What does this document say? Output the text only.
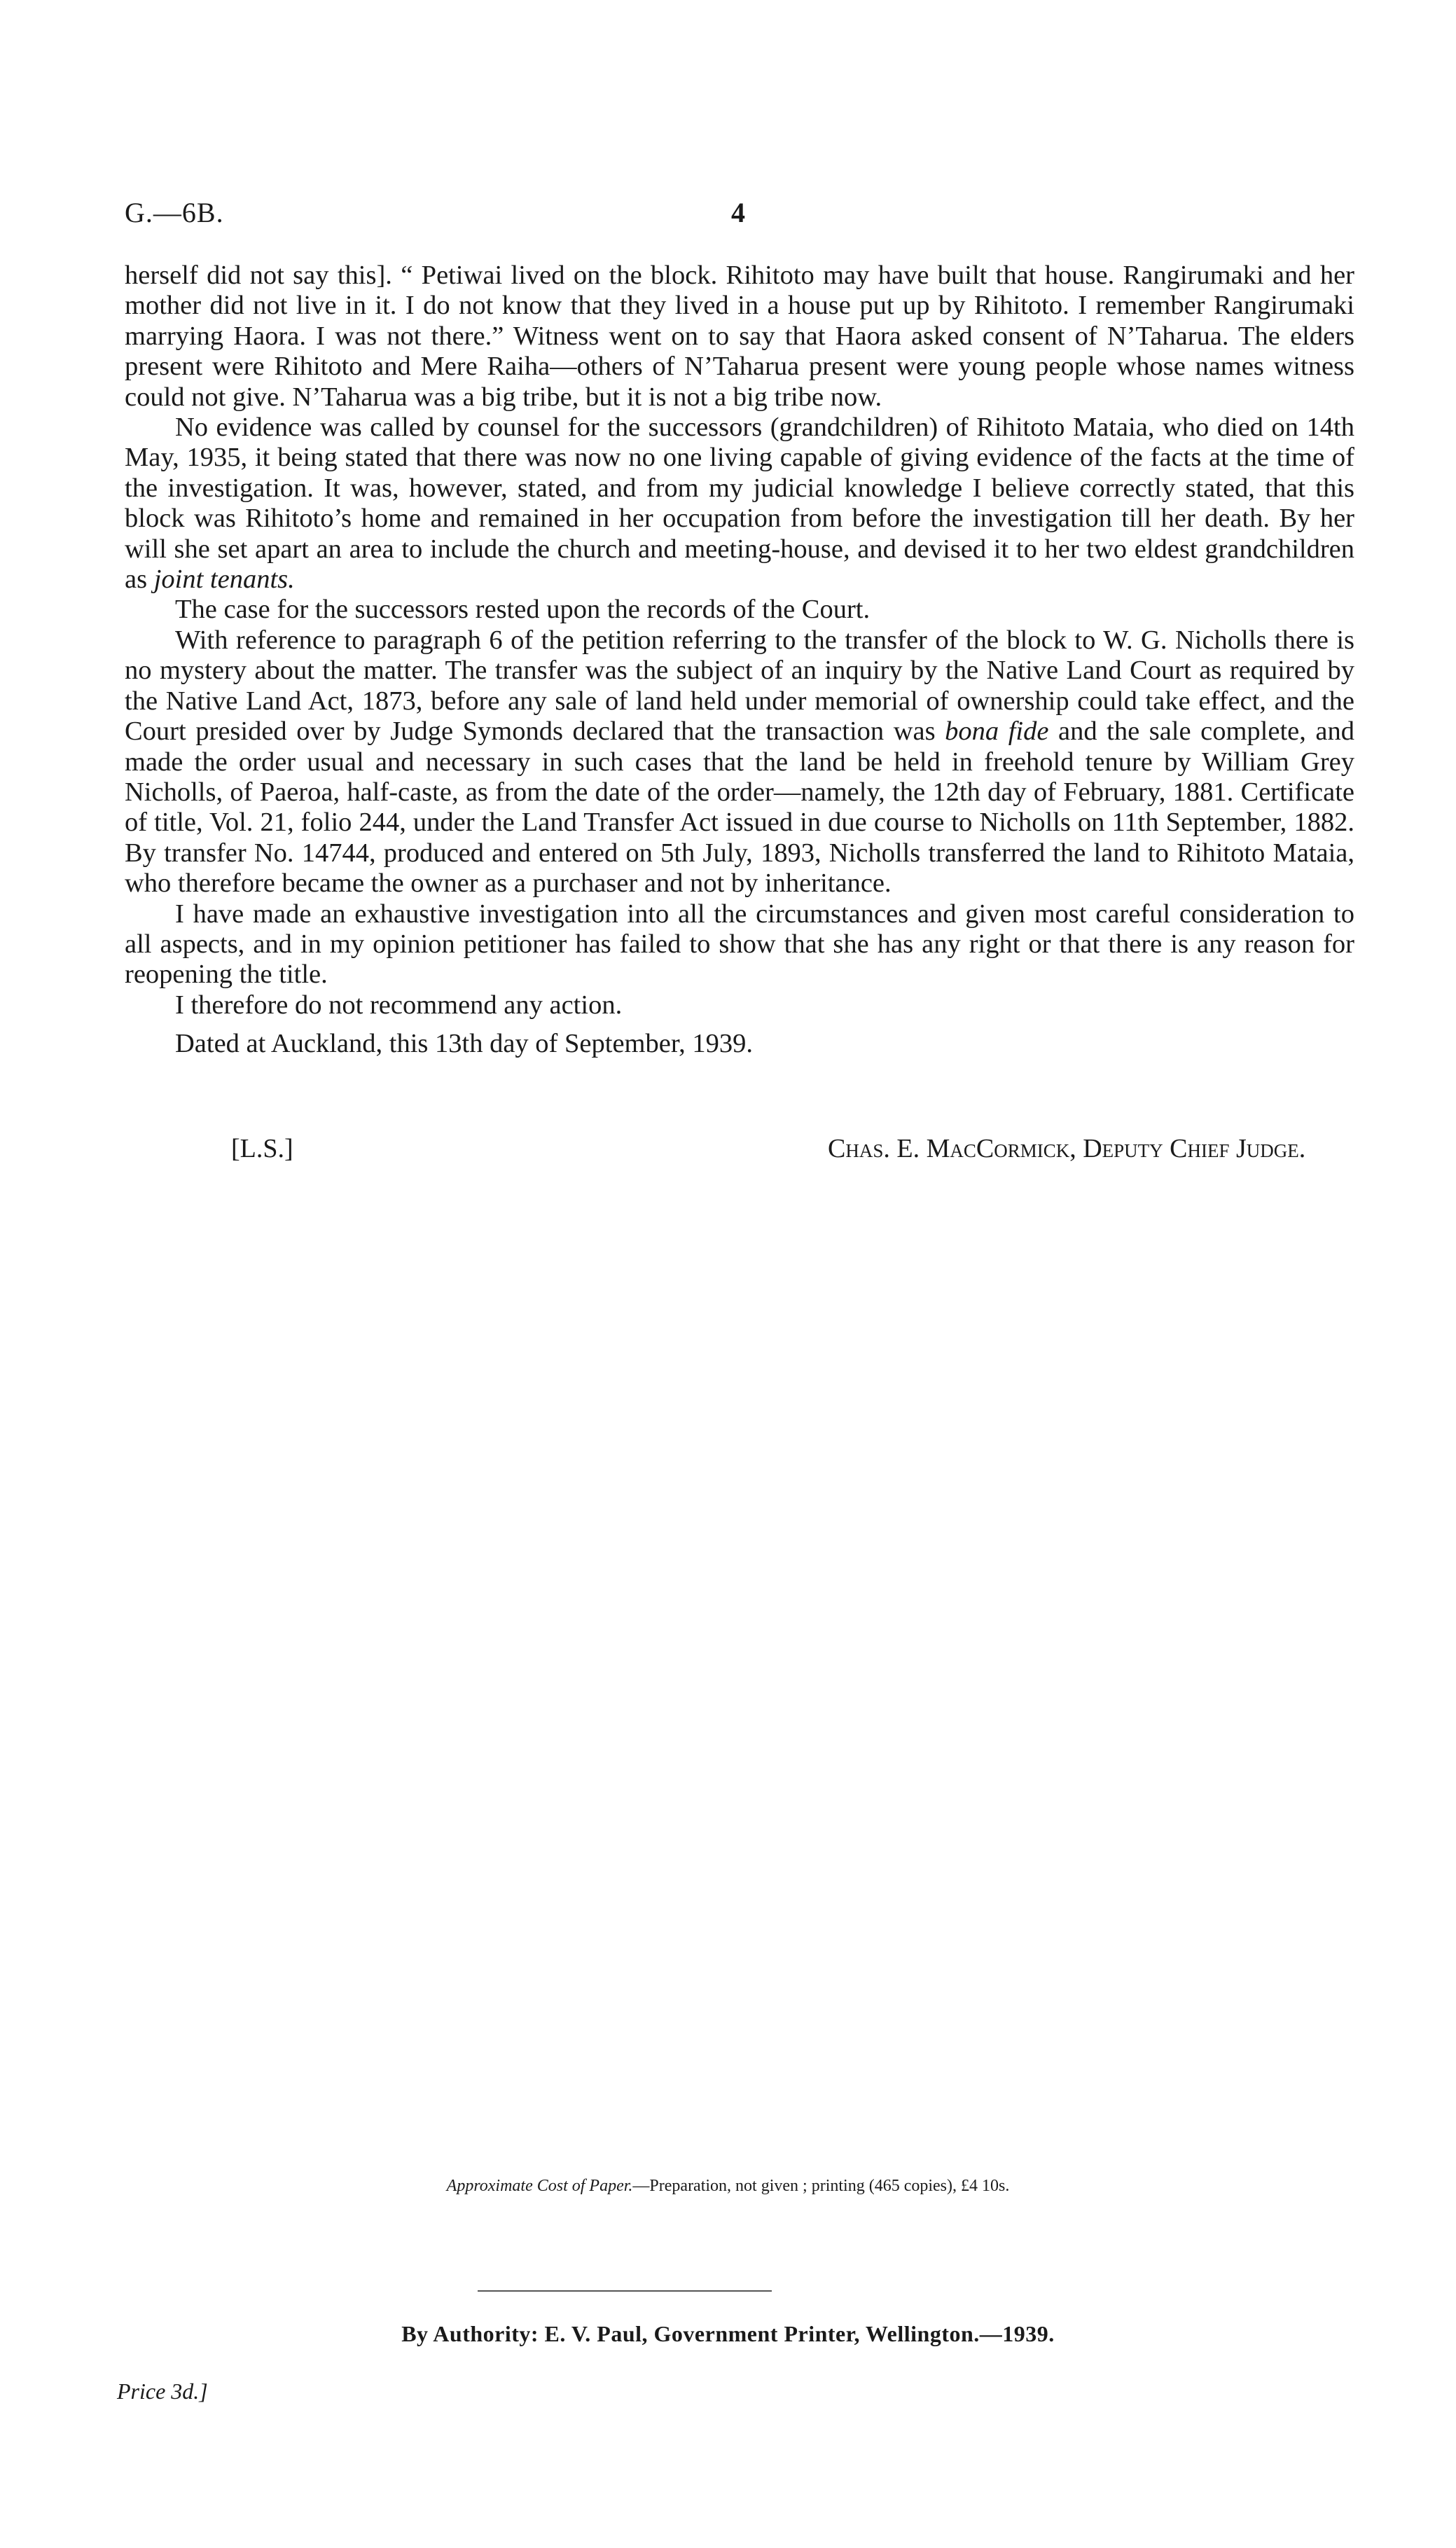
G.—6B.	4

herself did not say this]. “ Petiwai lived on the block. Rihitoto may have built that house. Rangirumaki and her mother did not live in it. I do not know that they lived in a house put up by Rihitoto. I remember Rangirumaki marrying Haora. I was not there.” Witness went on to say that Haora asked consent of N’Taharua. The elders present were Rihitoto and Mere Raiha—others of N’Taharua present were young people whose names witness could not give. N’Taharua was a big tribe, but it is not a big tribe now.

No evidence was called by counsel for the successors (grandchildren) of Rihitoto Mataia, who died on 14th May, 1935, it being stated that there was now no one living capable of giving evidence of the facts at the time of the investigation. It was, however, stated, and from my judicial knowledge I believe correctly stated, that this block was Rihitoto’s home and remained in her occupation from before the investigation till her death. By her will she set apart an area to include the church and meeting-house, and devised it to her two eldest grandchildren as joint tenants.

The case for the successors rested upon the records of the Court.

With reference to paragraph 6 of the petition referring to the transfer of the block to W. G. Nicholls there is no mystery about the matter. The transfer was the subject of an inquiry by the Native Land Court as required by the Native Land Act, 1873, before any sale of land held under memorial of ownership could take effect, and the Court presided over by Judge Symonds declared that the transaction was bona fide and the sale complete, and made the order usual and necessary in such cases that the land be held in freehold tenure by William Grey Nicholls, of Paeroa, half-caste, as from the date of the order—namely, the 12th day of February, 1881. Certificate of title, Vol. 21, folio 244, under the Land Transfer Act issued in due course to Nicholls on 11th September, 1882. By transfer No. 14744, produced and entered on 5th July, 1893, Nicholls transferred the land to Rihitoto Mataia, who therefore became the owner as a purchaser and not by inheritance.

I have made an exhaustive investigation into all the circumstances and given most careful consideration to all aspects, and in my opinion petitioner has failed to show that she has any right or that there is any reason for reopening the title.

I therefore do not recommend any action.

Dated at Auckland, this 13th day of September, 1939.

[L.S.]	Chas. E. MacCormick, Deputy Chief Judge.
Approximate Cost of Paper.—Preparation, not given ; printing (465 copies), £4 10s.
By Authority: E. V. Paul, Government Printer, Wellington.—1939.
Price 3d.]
